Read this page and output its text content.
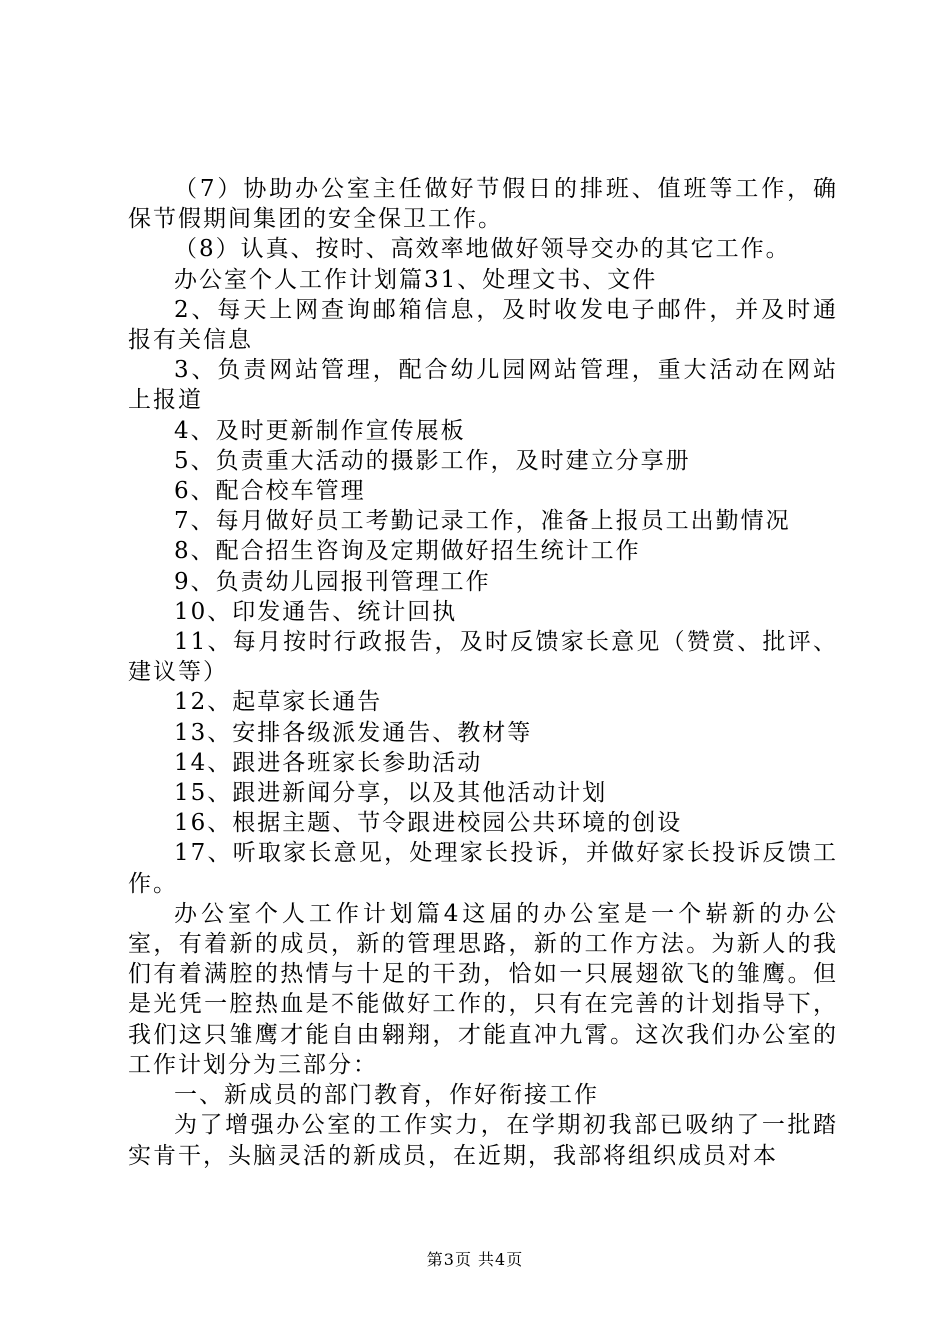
（7）协助办公室主任做好节假日的排班、值班等工作，确保节假期间集团的安全保卫工作。

（8）认真、按时、高效率地做好领导交办的其它工作。

办公室个人工作计划篇31、处理文书、文件

2、每天上网查询邮箱信息，及时收发电子邮件，并及时通报有关信息

3、负责网站管理，配合幼儿园网站管理，重大活动在网站上报道

4、及时更新制作宣传展板

5、负责重大活动的摄影工作，及时建立分享册

6、配合校车管理

7、每月做好员工考勤记录工作，准备上报员工出勤情况

8、配合招生咨询及定期做好招生统计工作

9、负责幼儿园报刊管理工作

10、印发通告、统计回执

11、每月按时行政报告，及时反馈家长意见（赞赏、批评、建议等）

12、起草家长通告

13、安排各级派发通告、教材等

14、跟进各班家长参助活动

15、跟进新闻分享，以及其他活动计划

16、根据主题、节令跟进校园公共环境的创设

17、听取家长意见，处理家长投诉，并做好家长投诉反馈工作。

办公室个人工作计划篇4这届的办公室是一个崭新的办公室，有着新的成员，新的管理思路，新的工作方法。为新人的我们有着满腔的热情与十足的干劲，恰如一只展翅欲飞的雏鹰。但是光凭一腔热血是不能做好工作的，只有在完善的计划指导下，我们这只雏鹰才能自由翱翔，才能直冲九霄。这次我们办公室的工作计划分为三部分：

一、新成员的部门教育，作好衔接工作

为了增强办公室的工作实力，在学期初我部已吸纳了一批踏实肯干，头脑灵活的新成员，在近期，我部将组织成员对本

第3页 共4页
